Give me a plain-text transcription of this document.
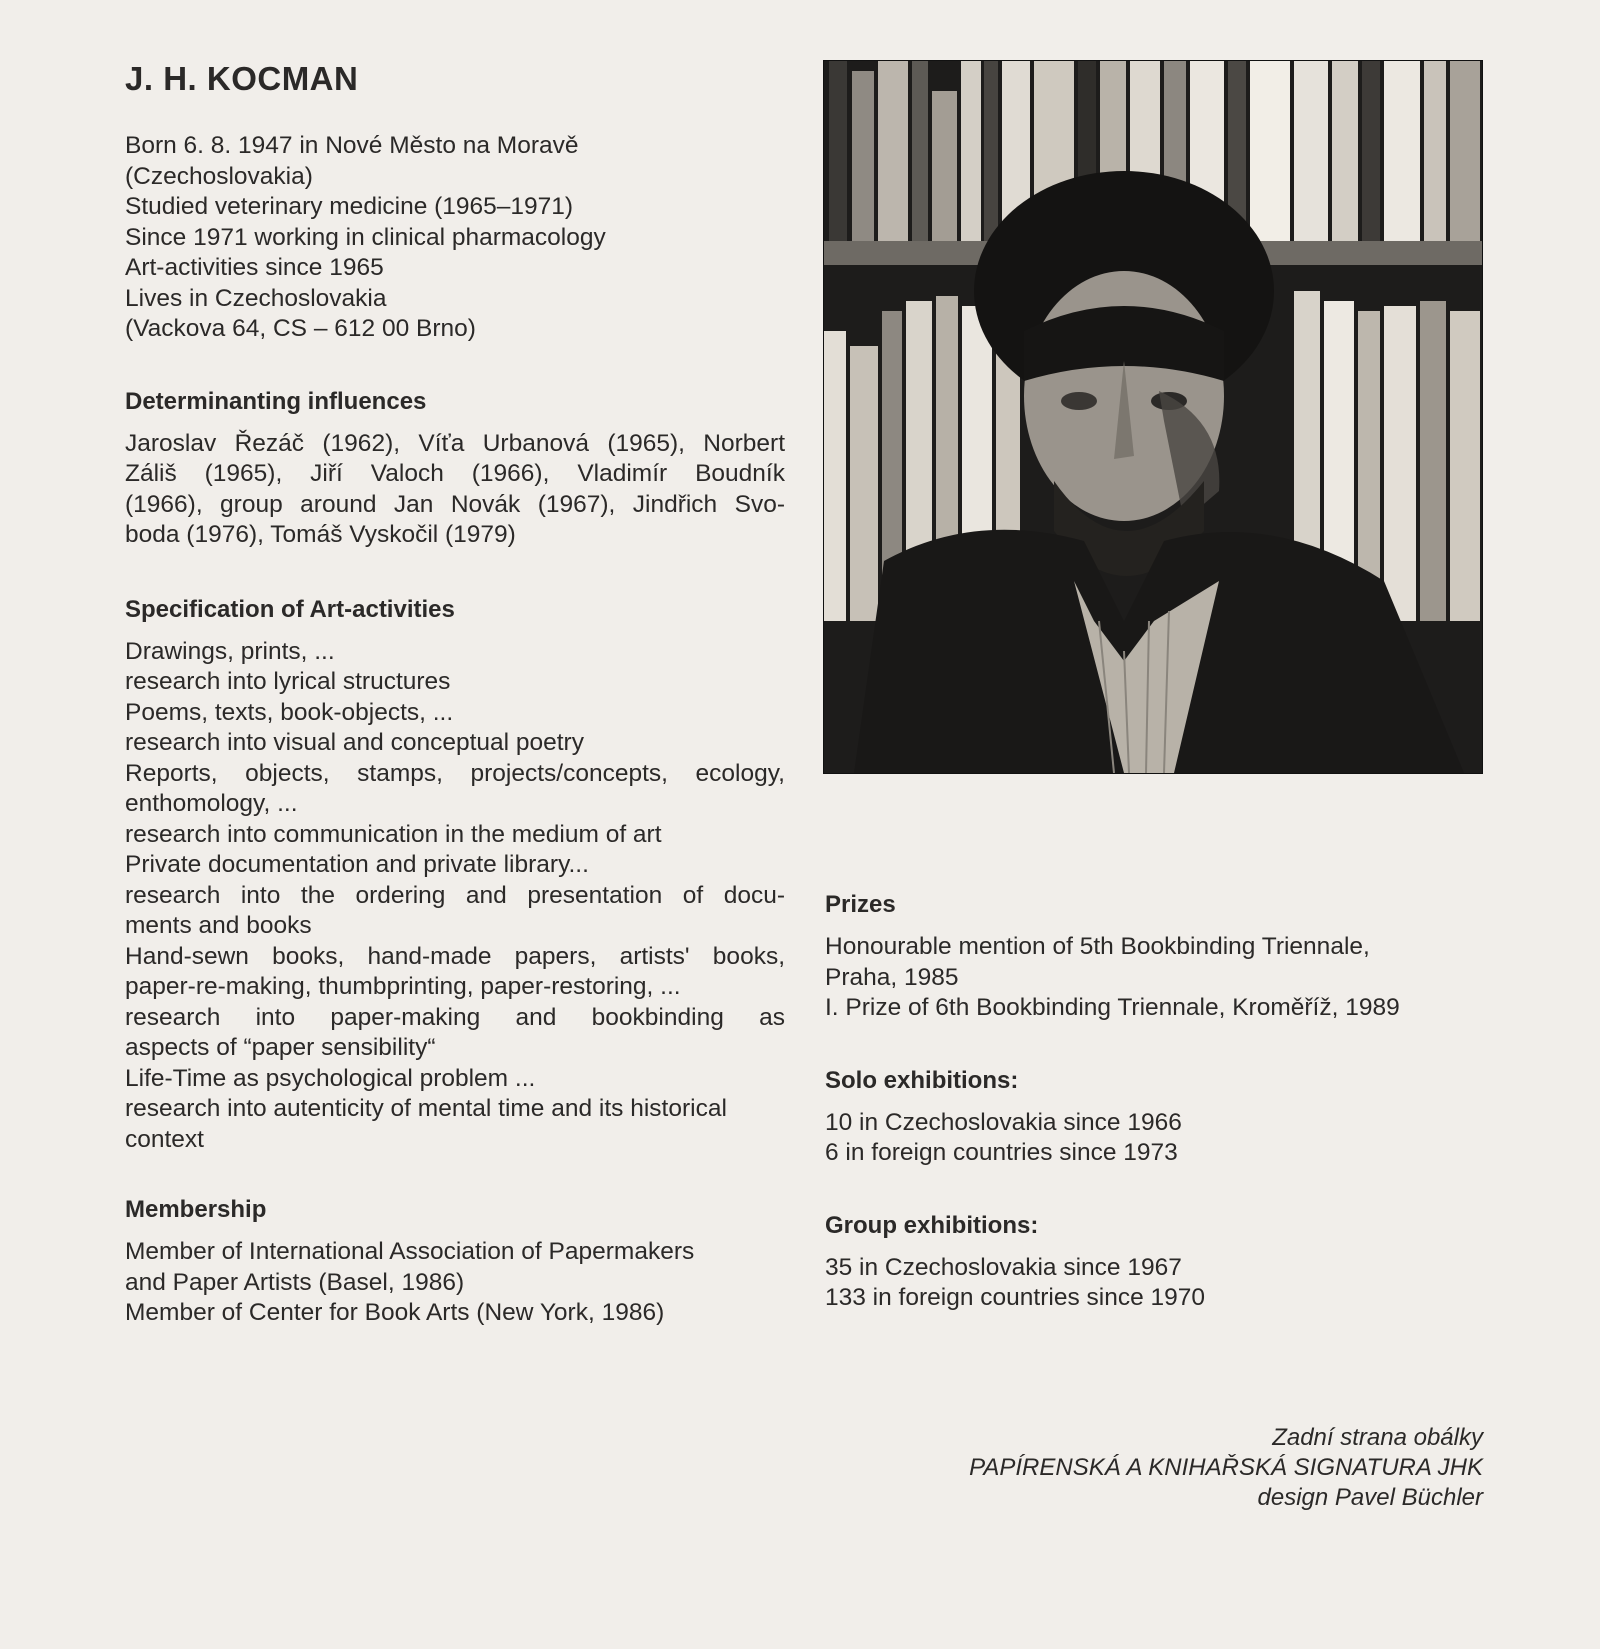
J. H. KOCMAN
Born 6. 8. 1947 in Nové Město na Moravě
(Czechoslovakia)
Studied veterinary medicine (1965–1971)
Since 1971 working in clinical pharmacology
Art-activities since 1965
Lives in Czechoslovakia
(Vackova 64, CS – 612 00 Brno)
Determinanting influences

Jaroslav Řezáč (1962), Víťa Urbanová (1965), Norbert
Záliš (1965), Jiří Valoch (1966), Vladimír Boudník
(1966), group around Jan Novák (1967), Jindřich Svo-
boda (1976), Tomáš Vyskočil (1979)

Specification of Art-activities

Drawings, prints, ...
research into lyrical structures
Poems, texts, book-objects, ...
research into visual and conceptual poetry
Reports, objects, stamps, projects/concepts, ecology,
enthomology, ...
research into communication in the medium of art
Private documentation and private library...
research into the ordering and presentation of docu-
ments and books
Hand-sewn books, hand-made papers, artists' books,
paper-re-making, thumbprinting, paper-restoring, ...
research into paper-making and bookbinding as
aspects of “paper sensibility“
Life-Time as psychological problem ...
research into autenticity of mental time and its historical
context

Membership
Member of International Association of Papermakers
and Paper Artists (Basel, 1986)
Member of Center for Book Arts (New York, 1986)
Prizes
Honourable mention of 5th Bookbinding Triennale,
Praha, 1985
I. Prize of 6th Bookbinding Triennale, Kroměříž, 1989
Solo exhibitions:
10 in Czechoslovakia since 1966
6 in foreign countries since 1973
Group exhibitions:
35 in Czechoslovakia since 1967
133 in foreign countries since 1970
Zadní strana obálky
PAPÍRENSKÁ A KNIHAŘSKÁ SIGNATURA JHK
design Pavel Büchler
